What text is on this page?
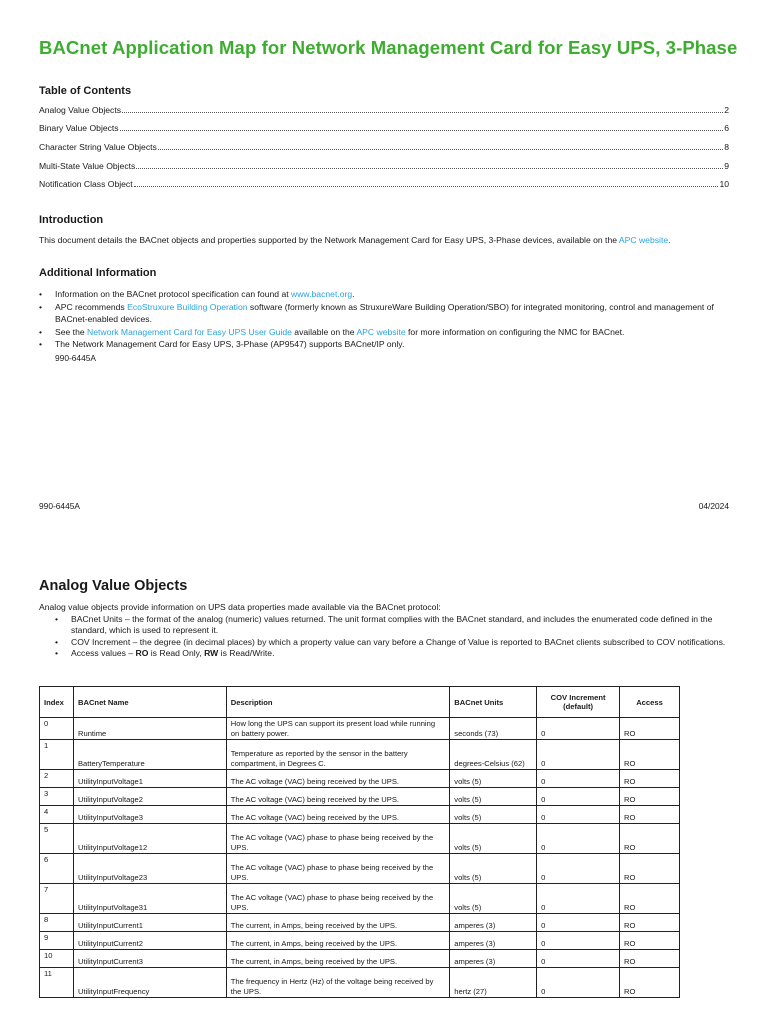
BACnet Application Map for Network Management Card for Easy UPS, 3-Phase
Table of Contents
Analog Value Objects	2
Binary Value Objects	6
Character String Value Objects	8
Multi-State Value Objects	9
Notification Class Object	10
Introduction
This document details the BACnet objects and properties supported by the Network Management Card for Easy UPS, 3-Phase devices, available on the APC website.
Additional Information
• Information on the BACnet protocol specification can found at www.bacnet.org.
• APC recommends EcoStruxure Building Operation software (formerly known as StruxureWare Building Operation/SBO) for integrated monitoring, control and management of BACnet-enabled devices.
• See the Network Management Card for Easy UPS User Guide available on the APC website for more information on configuring the NMC for BACnet.
• The Network Management Card for Easy UPS, 3-Phase (AP9547) supports BACnet/IP only.
990-6445A
990-6445A	04/2024
Analog Value Objects
Analog value objects provide information on UPS data properties made available via the BACnet protocol:
• BACnet Units – the format of the analog (numeric) values returned. The unit format complies with the BACnet standard, and includes the enumerated code defined in the standard, which is used to represent it.
• COV Increment – the degree (in decimal places) by which a property value can vary before a Change of Value is reported to BACnet clients subscribed to COV notifications.
• Access values – RO is Read Only, RW is Read/Write.
Index	BACnet Name	Description	BACnet Units	COV Increment (default)	Access
0	Runtime	How long the UPS can support its present load while running on battery power.	seconds (73)	0	RO
1	BatteryTemperature	Temperature as reported by the sensor in the battery compartment, in Degrees C.	degrees-Celsius (62)	0	RO
2	UtilityInputVoltage1	The AC voltage (VAC) being received by the UPS.	volts (5)	0	RO
3	UtilityInputVoltage2	The AC voltage (VAC) being received by the UPS.	volts (5)	0	RO
4	UtilityInputVoltage3	The AC voltage (VAC) being received by the UPS.	volts (5)	0	RO
5	UtilityInputVoltage12	The AC voltage (VAC) phase to phase being received by the UPS.	volts (5)	0	RO
6	UtilityInputVoltage23	The AC voltage (VAC) phase to phase being received by the UPS.	volts (5)	0	RO
7	UtilityInputVoltage31	The AC voltage (VAC) phase to phase being received by the UPS.	volts (5)	0	RO
8	UtilityInputCurrent1	The current, in Amps, being received by the UPS.	amperes (3)	0	RO
9	UtilityInputCurrent2	The current, in Amps, being received by the UPS.	amperes (3)	0	RO
10	UtilityInputCurrent3	The current, in Amps, being received by the UPS.	amperes (3)	0	RO
11	UtilityInputFrequency	The frequency in Hertz (Hz) of the voltage being received by the UPS.	hertz (27)	0	RO
